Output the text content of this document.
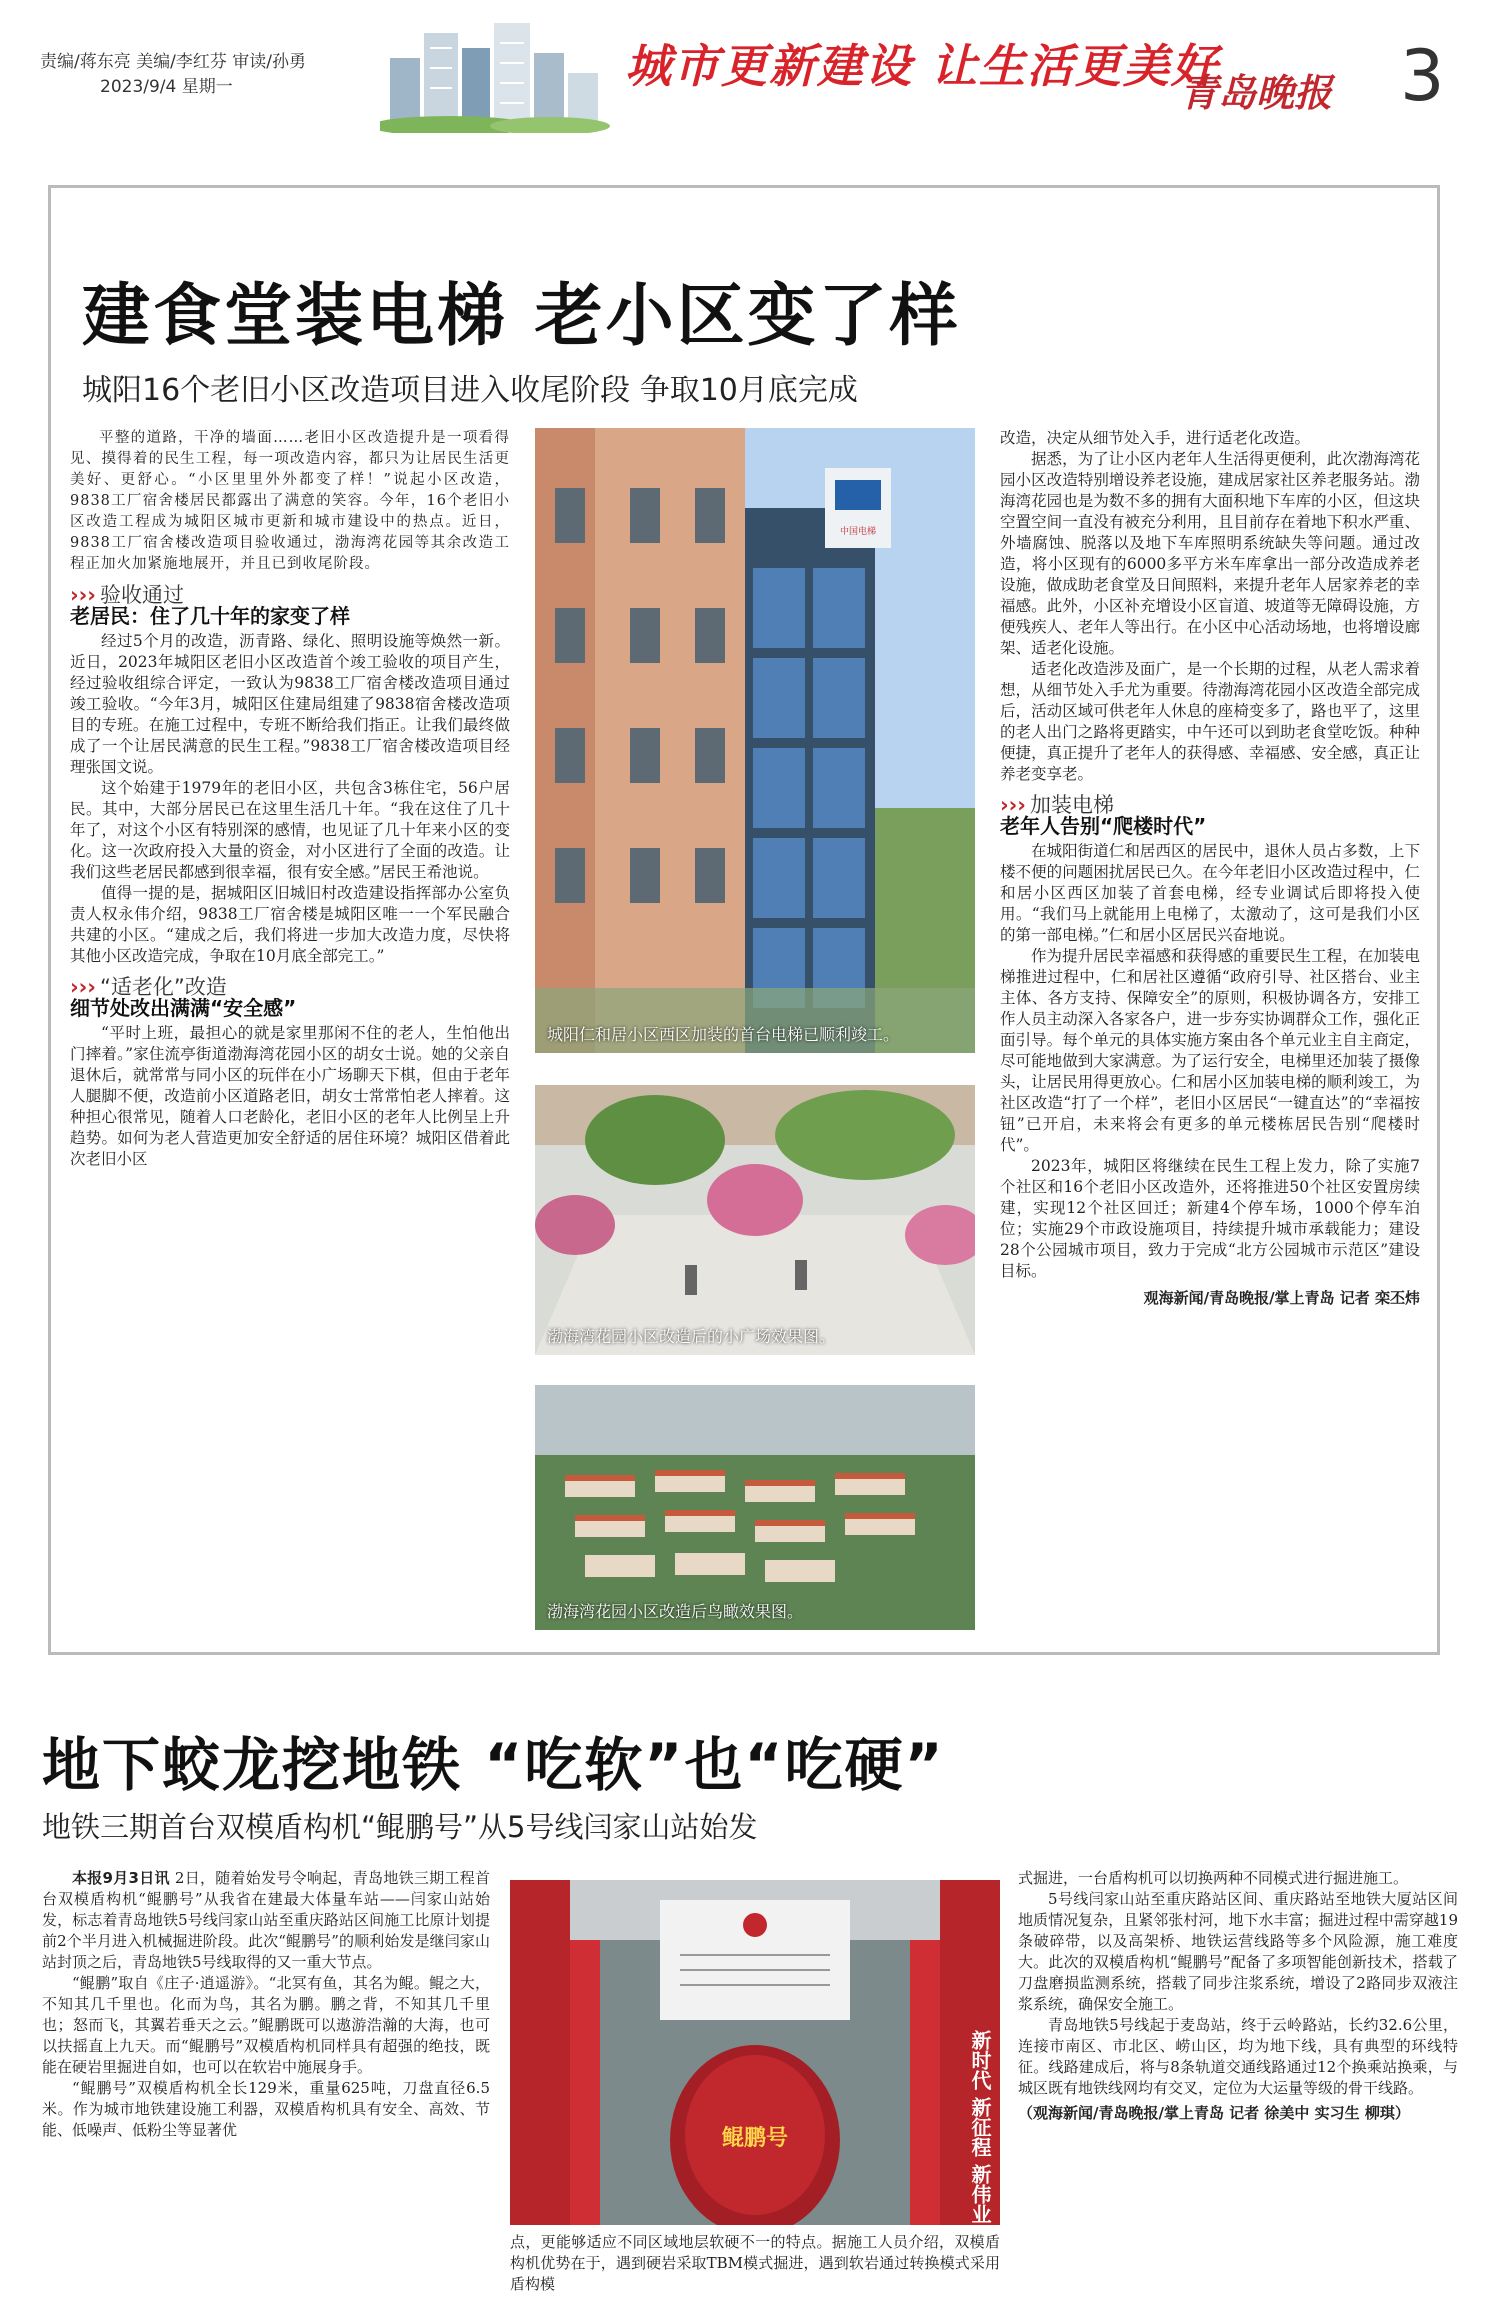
责编/蒋东亮 美编/李红芬 审读/孙勇
2023/9/4 星期一	城市更新建设 让生活更美好
青岛晚报 3
建食堂装电梯 老小区变了样
城阳16个老旧小区改造项目进入收尾阶段 争取10月底完成

平整的道路，干净的墙面……老旧小区改造提升是一项看得见、摸得着的民生工程，每一项改造内容，都只为让居民生活更美好、更舒心。“小区里里外外都变了样！”说起小区改造，9838工厂宿舍楼居民都露出了满意的笑容。今年，16个老旧小区改造工程成为城阳区城市更新和城市建设中的热点。近日，9838工厂宿舍楼改造项目验收通过，渤海湾花园等其余改造工程正加火加紧施地展开，并且已到收尾阶段。

››› 验收通过
老居民：住了几十年的家变了样

经过5个月的改造，沥青路、绿化、照明设施等焕然一新。近日，2023年城阳区老旧小区改造首个竣工验收的项目产生，经过验收组综合评定，一致认为9838工厂宿舍楼改造项目通过竣工验收。“今年3月，城阳区住建局组建了9838宿舍楼改造项目的专班。在施工过程中，专班不断给我们指正。让我们最终做成了一个让居民满意的民生工程。”9838工厂宿舍楼改造项目经理张国文说。

这个始建于1979年的老旧小区，共包含3栋住宅，56户居民。其中，大部分居民已在这里生活几十年。“我在这住了几十年了，对这个小区有特别深的感情，也见证了几十年来小区的变化。这一次政府投入大量的资金，对小区进行了全面的改造。让我们这些老居民都感到很幸福，很有安全感。”居民王希池说。

值得一提的是，据城阳区旧城旧村改造建设指挥部办公室负责人权永伟介绍，9838工厂宿舍楼是城阳区唯一一个军民融合共建的小区。“建成之后，我们将进一步加大改造力度，尽快将其他小区改造完成，争取在10月底全部完工。”

››› “适老化”改造
细节处改出满满“安全感”

“平时上班，最担心的就是家里那闲不住的老人，生怕他出门摔着。”家住流亭街道渤海湾花园小区的胡女士说。她的父亲自退休后，就常常与同小区的玩伴在小广场聊天下棋，但由于老年人腿脚不便，改造前小区道路老旧，胡女士常常怕老人摔着。这种担心很常见，随着人口老龄化，老旧小区的老年人比例呈上升趋势。如何为老人营造更加安全舒适的居住环境？城阳区借着此次老旧小区

中国电梯
城阳仁和居小区西区加装的首台电梯已顺利竣工。
渤海湾花园小区改造后的小广场效果图。
渤海湾花园小区改造后鸟瞰效果图。

改造，决定从细节处入手，进行适老化改造。

据悉，为了让小区内老年人生活得更便利，此次渤海湾花园小区改造特别增设养老设施，建成居家社区养老服务站。渤海湾花园也是为数不多的拥有大面积地下车库的小区，但这块空置空间一直没有被充分利用，且目前存在着地下积水严重、外墙腐蚀、脱落以及地下车库照明系统缺失等问题。通过改造，将小区现有的6000多平方米车库拿出一部分改造成养老设施，做成助老食堂及日间照料，来提升老年人居家养老的幸福感。此外，小区补充增设小区盲道、坡道等无障碍设施，方便残疾人、老年人等出行。在小区中心活动场地，也将增设廊架、适老化设施。

适老化改造涉及面广，是一个长期的过程，从老人需求着想，从细节处入手尤为重要。待渤海湾花园小区改造全部完成后，活动区域可供老年人休息的座椅变多了，路也平了，这里的老人出门之路将更踏实，中午还可以到助老食堂吃饭。种种便捷，真正提升了老年人的获得感、幸福感、安全感，真正让养老变享老。

››› 加装电梯
老年人告别“爬楼时代”

在城阳街道仁和居西区的居民中，退休人员占多数，上下楼不便的问题困扰居民已久。在今年老旧小区改造过程中，仁和居小区西区加装了首套电梯，经专业调试后即将投入使用。“我们马上就能用上电梯了，太激动了，这可是我们小区的第一部电梯。”仁和居小区居民兴奋地说。

作为提升居民幸福感和获得感的重要民生工程，在加装电梯推进过程中，仁和居社区遵循“政府引导、社区搭台、业主主体、各方支持、保障安全”的原则，积极协调各方，安排工作人员主动深入各家各户，进一步夯实协调群众工作，强化正面引导。每个单元的具体实施方案由各个单元业主自主商定，尽可能地做到大家满意。为了运行安全，电梯里还加装了摄像头，让居民用得更放心。仁和居小区加装电梯的顺利竣工，为社区改造“打了一个样”，老旧小区居民“一键直达”的“幸福按钮”已开启，未来将会有更多的单元楼栋居民告别“爬楼时代”。

2023年，城阳区将继续在民生工程上发力，除了实施7个社区和16个老旧小区改造外，还将推进50个社区安置房续建，实现12个社区回迁；新建4个停车场，1000个停车泊位；实施29个市政设施项目，持续提升城市承载能力；建设28个公园城市项目，致力于完成“北方公园城市示范区”建设目标。

观海新闻/青岛晚报/掌上青岛 记者 栾丕炜
地下蛟龙挖地铁 “吃软”也“吃硬”
地铁三期首台双模盾构机“鲲鹏号”从5号线闫家山站始发

本报9月3日讯 2日，随着始发号令响起，青岛地铁三期工程首台双模盾构机“鲲鹏号”从我省在建最大体量车站——闫家山站始发，标志着青岛地铁5号线闫家山站至重庆路站区间施工比原计划提前2个半月进入机械掘进阶段。此次“鲲鹏号”的顺利始发是继闫家山站封顶之后，青岛地铁5号线取得的又一重大节点。

“鲲鹏”取自《庄子·逍遥游》。“北冥有鱼，其名为鲲。鲲之大，不知其几千里也。化而为鸟，其名为鹏。鹏之背，不知其几千里也；怒而飞，其翼若垂天之云。”鲲鹏既可以遨游浩瀚的大海，也可以扶摇直上九天。而“鲲鹏号”双模盾构机同样具有超强的绝技，既能在硬岩里掘进自如，也可以在软岩中施展身手。

“鲲鹏号”双模盾构机全长129米，重量625吨，刀盘直径6.5米。作为城市地铁建设施工利器，双模盾构机具有安全、高效、节能、低噪声、低粉尘等显著优	鲲鹏号	新时代 新征程 新伟业

点，更能够适应不同区域地层软硬不一的特点。据施工人员介绍，双模盾构机优势在于，遇到硬岩采取TBM模式掘进，遇到软岩通过转换模式采用盾构模

式掘进，一台盾构机可以切换两种不同模式进行掘进施工。

5号线闫家山站至重庆路站区间、重庆路站至地铁大厦站区间地质情况复杂，且紧邻张村河，地下水丰富；掘进过程中需穿越19条破碎带，以及高架桥、地铁运营线路等多个风险源，施工难度大。此次的双模盾构机“鲲鹏号”配备了多项智能创新技术，搭载了刀盘磨损监测系统，搭载了同步注浆系统，增设了2路同步双液注浆系统，确保安全施工。

青岛地铁5号线起于麦岛站，终于云岭路站，长约32.6公里，连接市南区、市北区、崂山区，均为地下线，具有典型的环线特征。线路建成后，将与8条轨道交通线路通过12个换乘站换乘，与城区既有地铁线网均有交叉，定位为大运量等级的骨干线路。

（观海新闻/青岛晚报/掌上青岛 记者 徐美中 实习生 柳琪）
